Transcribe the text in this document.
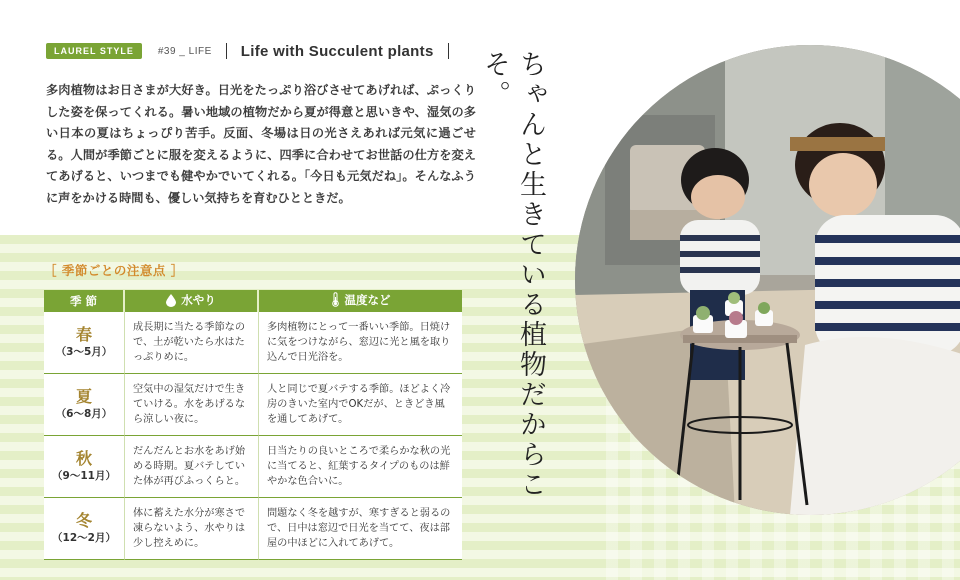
LAUREL STYLE	#39 _ LIFE Life with Succulent plants
多肉植物はお日さまが大好き。日光をたっぷり浴びさせてあげれば、ぷっくりした姿を保ってくれる。暑い地域の植物だから夏が得意と思いきや、湿気の多い日本の夏はちょっぴり苦手。反面、冬場は日の光さえあれば元気に過ごせる。人間が季節ごとに服を変えるように、四季に合わせてお世話の仕方を変えてあげると、いつまでも健やかでいてくれる。「今日も元気だね」。そんなふうに声をかける時間も、優しい気持ちを育むひとときだ。	ちゃんと生きている植物だからこそ。
［ 季節ごとの注意点 ］
季 節	水やり	温度など

春
（3〜5月）	成長期に当たる季節なので、土が乾いたら水はたっぷりめに。	多肉植物にとって一番いい季節。日焼けに気をつけながら、窓辺に光と風を取り込んで日光浴を。

夏
（6〜8月）	空気中の湿気だけで生きていける。水をあげるなら涼しい夜に。	人と同じで夏バテする季節。ほどよく冷房のきいた室内でOKだが、ときどき風を通してあげて。

秋
（9〜11月）	だんだんとお水をあげ始める時期。夏バテしていた体が再びふっくらと。	日当たりの良いところで柔らかな秋の光に当てると、紅葉するタイプのものは鮮やかな色合いに。

冬
（12〜2月）	体に蓄えた水分が寒さで凍らないよう、水やりは少し控えめに。	問題なく冬を越すが、寒すぎると弱るので、日中は窓辺で日光を当てて、夜は部屋の中ほどに入れてあげて。
